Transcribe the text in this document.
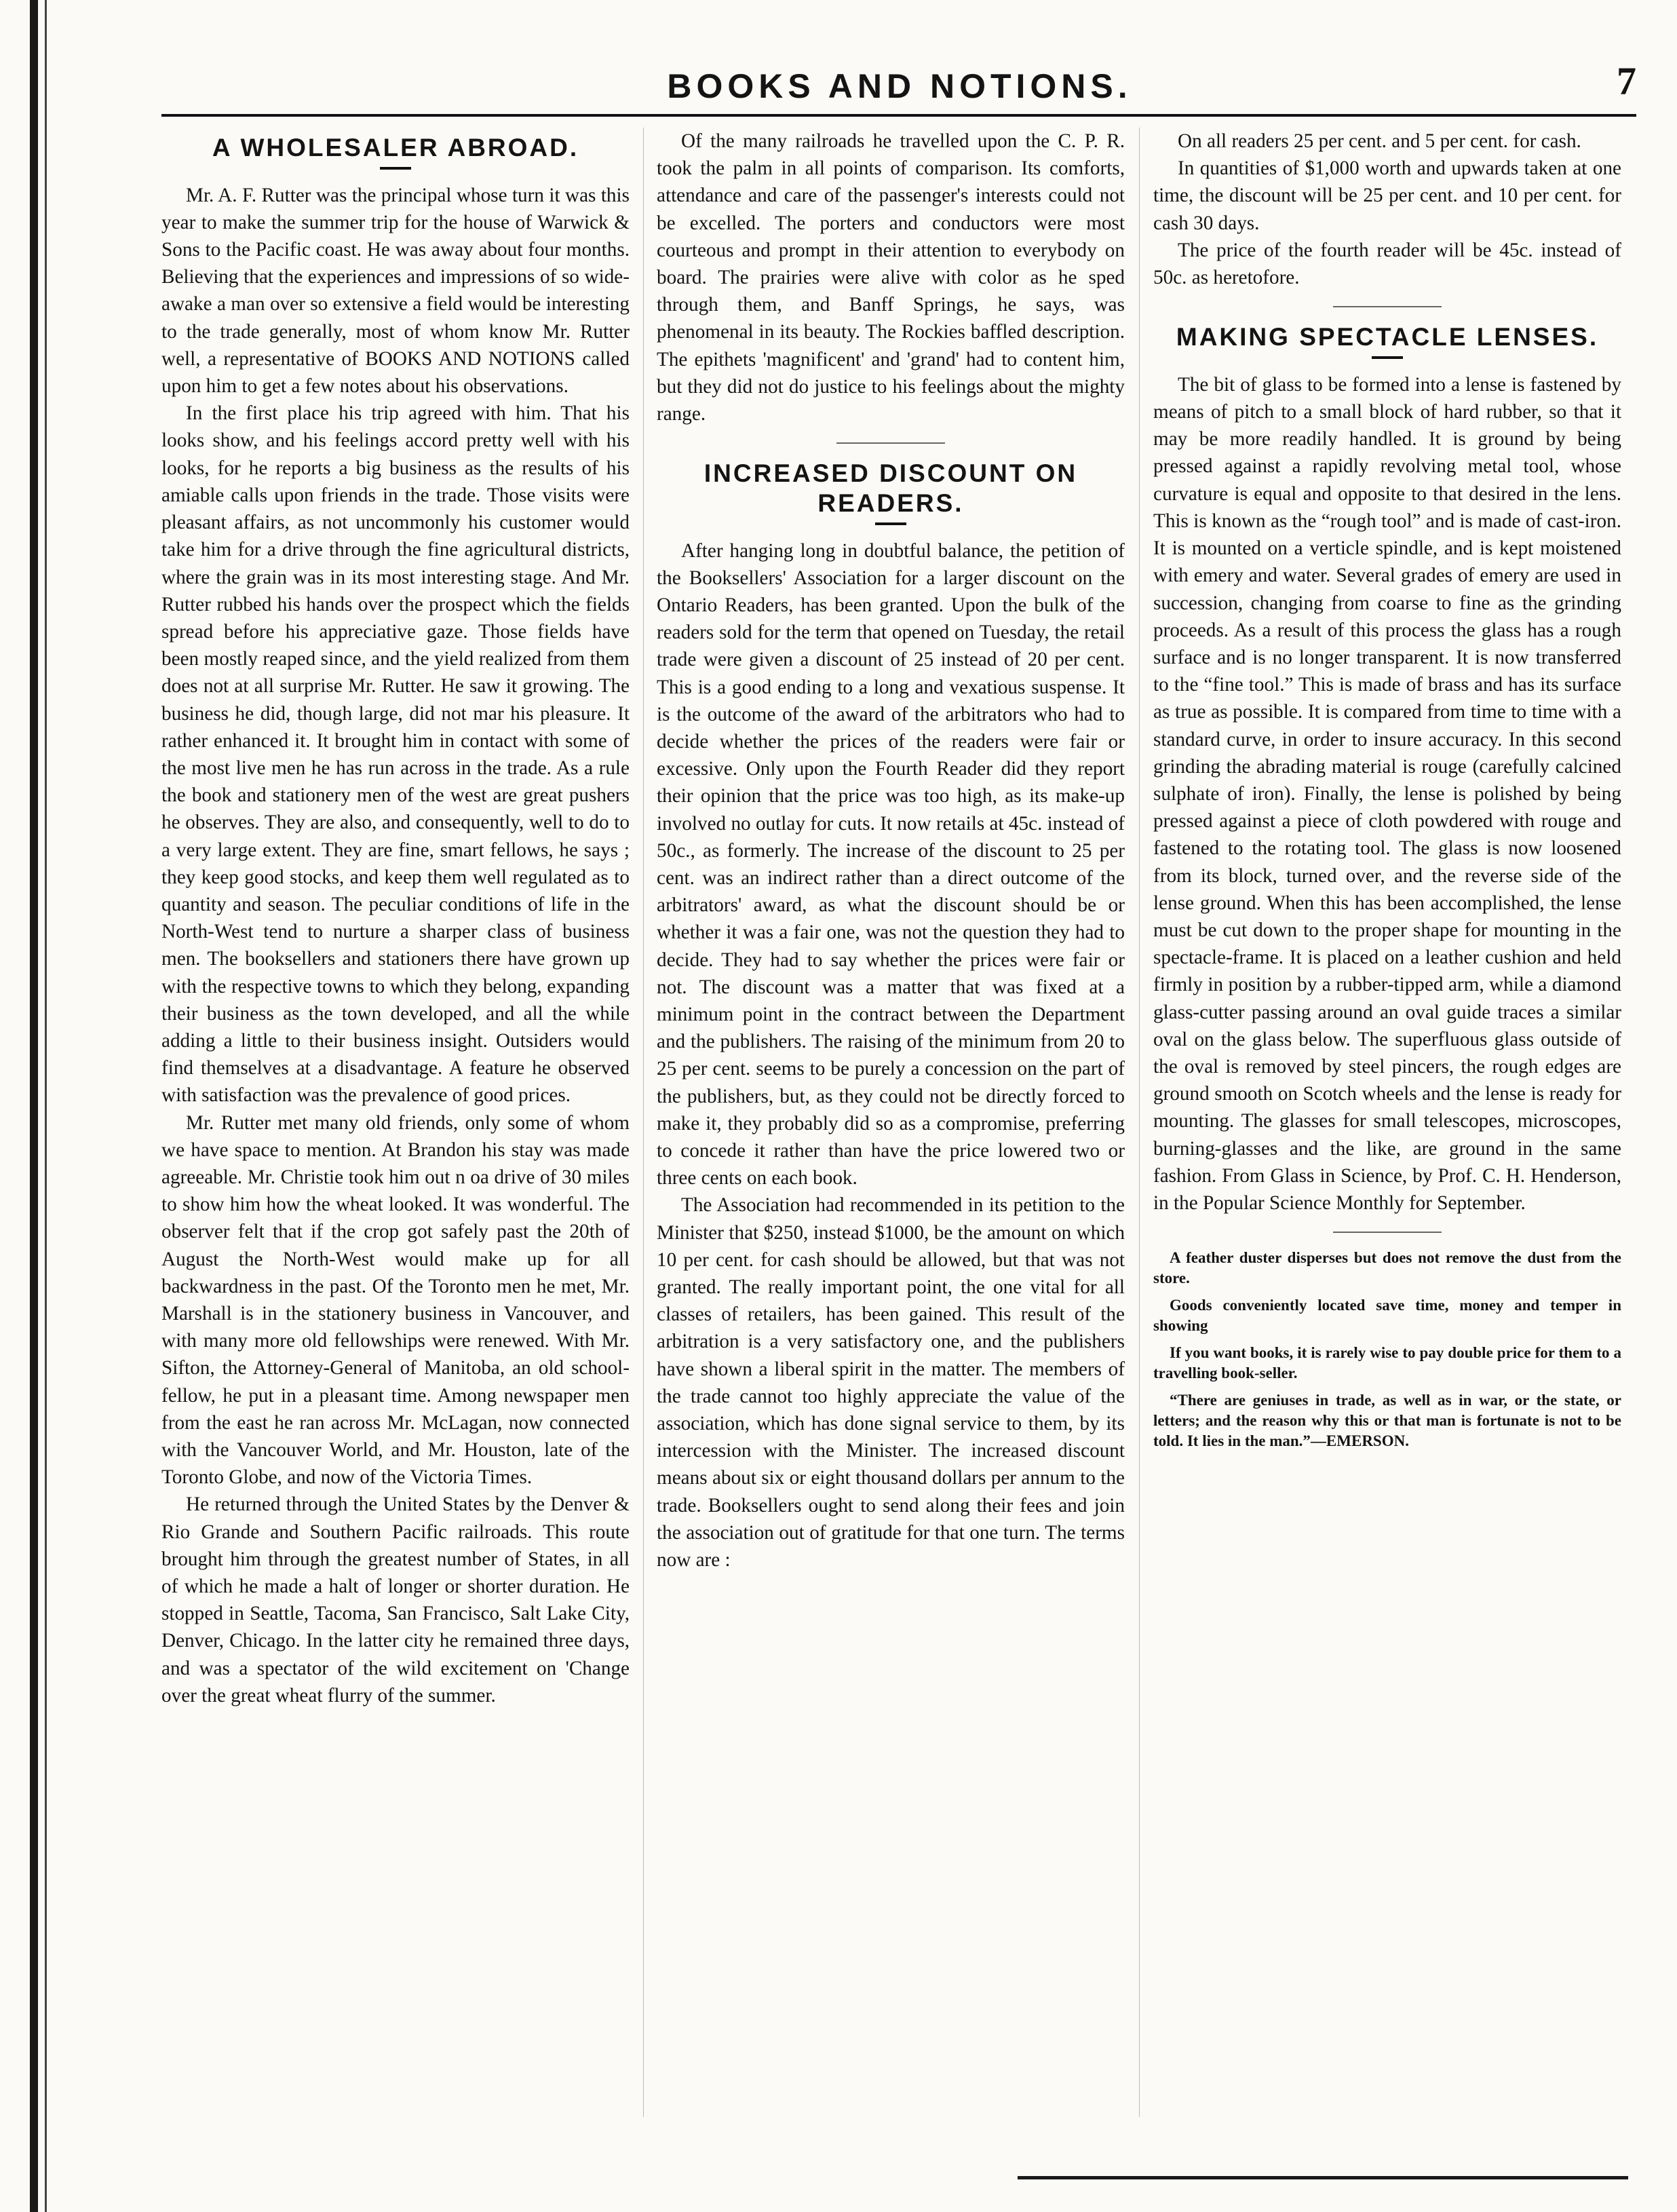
BOOKS AND NOTIONS.	7
A WHOLESALER ABROAD.

Mr. A. F. Rutter was the principal whose turn it was this year to make the summer trip for the house of Warwick & Sons to the Pacific coast. He was away about four months. Believing that the experiences and impressions of so wide-awake a man over so extensive a field would be interesting to the trade generally, most of whom know Mr. Rutter well, a representative of BOOKS AND NOTIONS called upon him to get a few notes about his observations.

In the first place his trip agreed with him. That his looks show, and his feelings accord pretty well with his looks, for he reports a big business as the results of his amiable calls upon friends in the trade. Those visits were pleasant affairs, as not uncommonly his customer would take him for a drive through the fine agricultural districts, where the grain was in its most interesting stage. And Mr. Rutter rubbed his hands over the prospect which the fields spread before his appreciative gaze. Those fields have been mostly reaped since, and the yield realized from them does not at all surprise Mr. Rutter. He saw it growing. The business he did, though large, did not mar his pleasure. It rather enhanced it. It brought him in contact with some of the most live men he has run across in the trade. As a rule the book and stationery men of the west are great pushers he observes. They are also, and consequently, well to do to a very large extent. They are fine, smart fellows, he says ; they keep good stocks, and keep them well regulated as to quantity and season. The peculiar conditions of life in the North-West tend to nurture a sharper class of business men. The booksellers and stationers there have grown up with the respective towns to which they belong, expanding their business as the town developed, and all the while adding a little to their business insight. Outsiders would find themselves at a disadvantage. A feature he observed with satisfaction was the prevalence of good prices.

Mr. Rutter met many old friends, only some of whom we have space to mention. At Brandon his stay was made agreeable. Mr. Christie took him out n oa drive of 30 miles to show him how the wheat looked. It was wonderful. The observer felt that if the crop got safely past the 20th of August the North-West would make up for all backwardness in the past. Of the Toronto men he met, Mr. Marshall is in the stationery business in Vancouver, and with many more old fellowships were renewed. With Mr. Sifton, the Attorney-General of Manitoba, an old school-fellow, he put in a pleasant time. Among newspaper men from the east he ran across Mr. McLagan, now connected with the Vancouver World, and Mr. Houston, late of the Toronto Globe, and now of the Victoria Times.

He returned through the United States by the Denver & Rio Grande and Southern Pacific railroads. This route brought him through the greatest number of States, in all of which he made a halt of longer or shorter duration. He stopped in Seattle, Tacoma, San Francisco, Salt Lake City, Denver, Chicago. In the latter city he remained three days, and was a spectator of the wild excitement on 'Change over the great wheat flurry of the summer.

Of the many railroads he travelled upon the C. P. R. took the palm in all points of comparison. Its comforts, attendance and care of the passenger's interests could not be excelled. The porters and conductors were most courteous and prompt in their attention to everybody on board. The prairies were alive with color as he sped through them, and Banff Springs, he says, was phenomenal in its beauty. The Rockies baffled description. The epithets 'magnificent' and 'grand' had to content him, but they did not do justice to his feelings about the mighty range.

INCREASED DISCOUNT ON READERS.

After hanging long in doubtful balance, the petition of the Booksellers' Association for a larger discount on the Ontario Readers, has been granted. Upon the bulk of the readers sold for the term that opened on Tuesday, the retail trade were given a discount of 25 instead of 20 per cent. This is a good ending to a long and vexatious suspense. It is the outcome of the award of the arbitrators who had to decide whether the prices of the readers were fair or excessive. Only upon the Fourth Reader did they report their opinion that the price was too high, as its make-up involved no outlay for cuts. It now retails at 45c. instead of 50c., as formerly. The increase of the discount to 25 per cent. was an indirect rather than a direct outcome of the arbitrators' award, as what the discount should be or whether it was a fair one, was not the question they had to decide. They had to say whether the prices were fair or not. The discount was a matter that was fixed at a minimum point in the contract between the Department and the publishers. The raising of the minimum from 20 to 25 per cent. seems to be purely a concession on the part of the publishers, but, as they could not be directly forced to make it, they probably did so as a compromise, preferring to concede it rather than have the price lowered two or three cents on each book.

The Association had recommended in its petition to the Minister that $250, instead $1000, be the amount on which 10 per cent. for cash should be allowed, but that was not granted. The really important point, the one vital for all classes of retailers, has been gained. This result of the arbitration is a very satisfactory one, and the publishers have shown a liberal spirit in the matter. The members of the trade cannot too highly appreciate the value of the association, which has done signal service to them, by its intercession with the Minister. The increased discount means about six or eight thousand dollars per annum to the trade. Booksellers ought to send along their fees and join the association out of gratitude for that one turn. The terms now are :

On all readers 25 per cent. and 5 per cent. for cash.

In quantities of $1,000 worth and upwards taken at one time, the discount will be 25 per cent. and 10 per cent. for cash 30 days.

The price of the fourth reader will be 45c. instead of 50c. as heretofore.

MAKING SPECTACLE LENSES.

The bit of glass to be formed into a lense is fastened by means of pitch to a small block of hard rubber, so that it may be more readily handled. It is ground by being pressed against a rapidly revolving metal tool, whose curvature is equal and opposite to that desired in the lens. This is known as the “rough tool” and is made of cast-iron. It is mounted on a verticle spindle, and is kept moistened with emery and water. Several grades of emery are used in succession, changing from coarse to fine as the grinding proceeds. As a result of this process the glass has a rough surface and is no longer transparent. It is now transferred to the “fine tool.” This is made of brass and has its surface as true as possible. It is compared from time to time with a standard curve, in order to insure accuracy. In this second grinding the abrading material is rouge (carefully calcined sulphate of iron). Finally, the lense is polished by being pressed against a piece of cloth powdered with rouge and fastened to the rotating tool. The glass is now loosened from its block, turned over, and the reverse side of the lense ground. When this has been accomplished, the lense must be cut down to the proper shape for mounting in the spectacle-frame. It is placed on a leather cushion and held firmly in position by a rubber-tipped arm, while a diamond glass-cutter passing around an oval guide traces a similar oval on the glass below. The superfluous glass outside of the oval is removed by steel pincers, the rough edges are ground smooth on Scotch wheels and the lense is ready for mounting. The glasses for small telescopes, microscopes, burning-glasses and the like, are ground in the same fashion. From Glass in Science, by Prof. C. H. Henderson, in the Popular Science Monthly for September.

A feather duster disperses but does not remove the dust from the store.

Goods conveniently located save time, money and temper in showing

If you want books, it is rarely wise to pay double price for them to a travelling book-seller.

“There are geniuses in trade, as well as in war, or the state, or letters; and the reason why this or that man is fortunate is not to be told. It lies in the man.”—EMERSON.
